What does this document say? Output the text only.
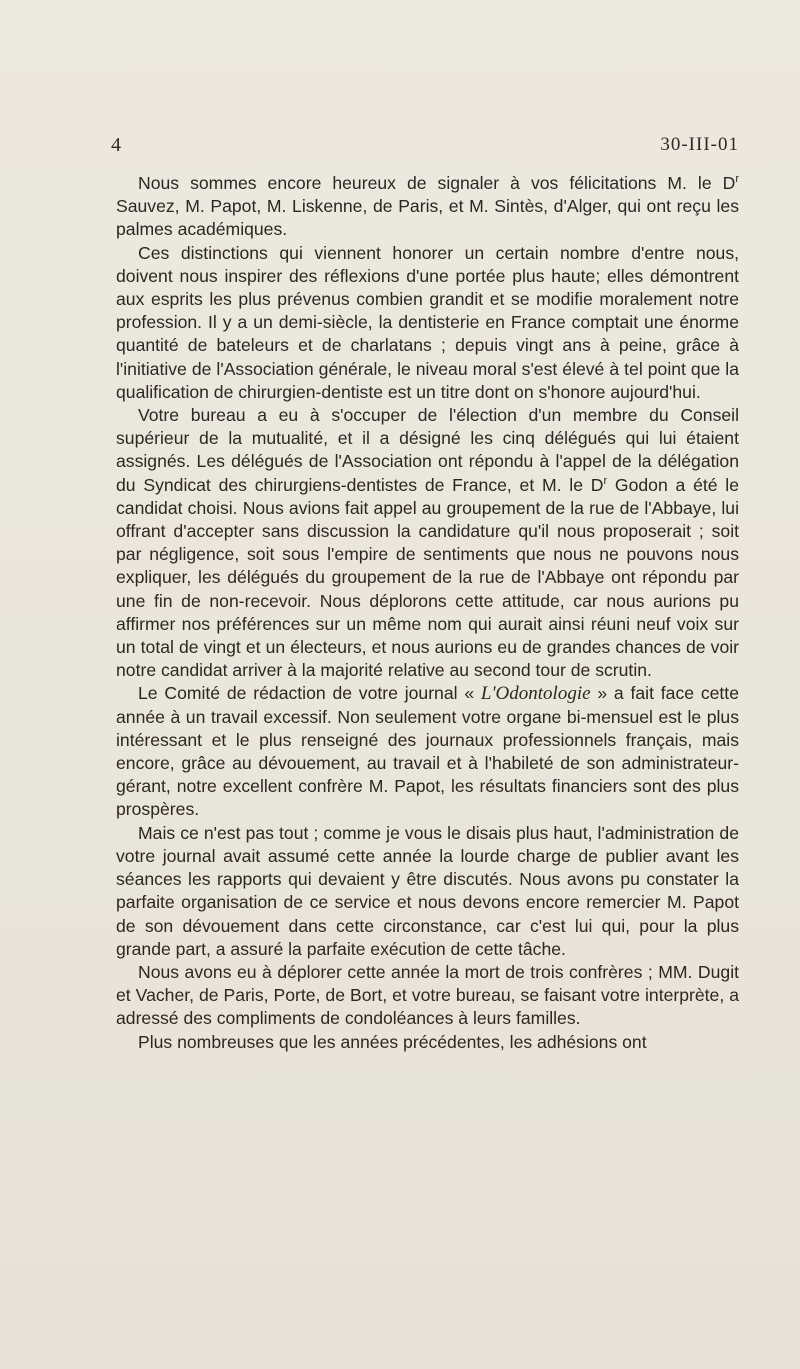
4	30-III-01

Nous sommes encore heureux de signaler à vos félicitations M. le $D^r$ Sauvez, M. Papot, M. Liskenne, de Paris, et M. Sintès, d'Alger, qui ont reçu les palmes académiques.

Ces distinctions qui viennent honorer un certain nombre d'entre nous, doivent nous inspirer des réflexions d'une portée plus haute; elles démontrent aux esprits les plus prévenus combien grandit et se modifie moralement notre profession. Il y a un demi-siècle, la dentisterie en France comptait une énorme quantité de bateleurs et de charlatans ; depuis vingt ans à peine, grâce à l'initiative de l'Association générale, le niveau moral s'est élevé à tel point que la qualification de chirurgien-dentiste est un titre dont on s'honore aujourd'hui.

Votre bureau a eu à s'occuper de l'élection d'un membre du Conseil supérieur de la mutualité, et il a désigné les cinq délégués qui lui étaient assignés. Les délégués de l'Association ont répondu à l'appel de la délégation du Syndicat des chirurgiens-dentistes de France, et M. le $D^r$ Godon a été le candidat choisi. Nous avions fait appel au groupement de la rue de l'Abbaye, lui offrant d'accepter sans discussion la candidature qu'il nous proposerait ; soit par négligence, soit sous l'empire de sentiments que nous ne pouvons nous expliquer, les délégués du groupement de la rue de l'Abbaye ont répondu par une fin de non-recevoir. Nous déplorons cette attitude, car nous aurions pu affirmer nos préférences sur un même nom qui aurait ainsi réuni neuf voix sur un total de vingt et un électeurs, et nous aurions eu de grandes chances de voir notre candidat arriver à la majorité relative au second tour de scrutin.

Le Comité de rédaction de votre journal « L'Odontologie » a fait face cette année à un travail excessif. Non seulement votre organe bi-mensuel est le plus intéressant et le plus renseigné des journaux professionnels français, mais encore, grâce au dévouement, au travail et à l'habileté de son administrateur-gérant, notre excellent confrère M. Papot, les résultats financiers sont des plus prospères.

Mais ce n'est pas tout ; comme je vous le disais plus haut, l'administration de votre journal avait assumé cette année la lourde charge de publier avant les séances les rapports qui devaient y être discutés. Nous avons pu constater la parfaite organisation de ce service et nous devons encore remercier M. Papot de son dévouement dans cette circonstance, car c'est lui qui, pour la plus grande part, a assuré la parfaite exécution de cette tâche.

Nous avons eu à déplorer cette année la mort de trois confrères ; MM. Dugit et Vacher, de Paris, Porte, de Bort, et votre bureau, se faisant votre interprète, a adressé des compliments de condoléances à leurs familles.

Plus nombreuses que les années précédentes, les adhésions ont
